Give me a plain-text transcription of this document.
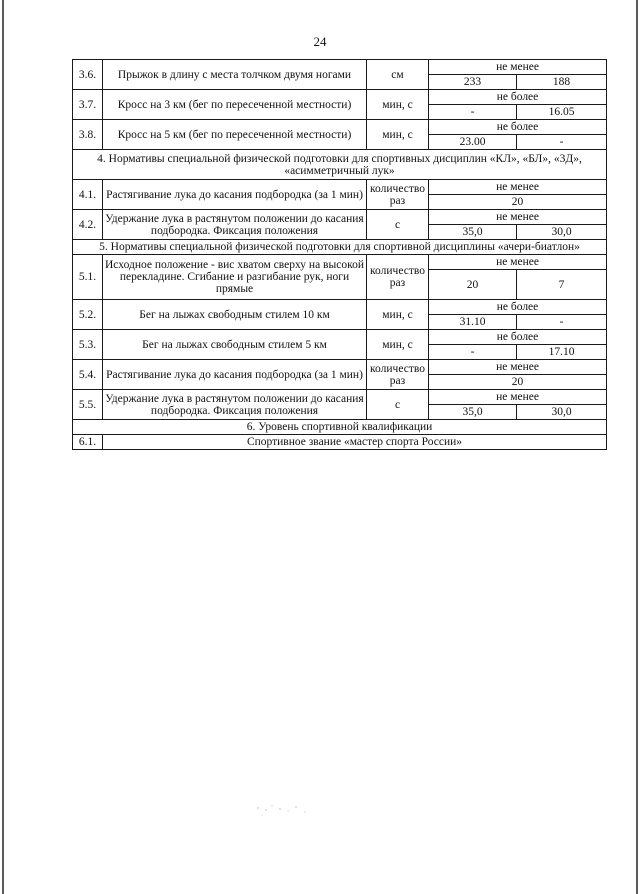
24
3.6.	Прыжок в длину с места толчком двумя ногами	см	не менее	
			233	188
3.7.	Кросс на 3 км (бег по пересеченной местности)	мин, с	не более	
			-	16.05
3.8.	Кросс на 5 км (бег по пересеченной местности)	мин, с	не более	
			23.00	-
4. Нормативы специальной физической подготовки для спортивных дисциплин «КЛ», «БЛ», «3Д», «асимметричный лук»				
4.1.	Растягивание лука до касания подбородка (за 1 мин)	количество раз	не менее	
			20	
4.2.	Удержание лука в растянутом положении до касания подбородка. Фиксация положения	с	не менее	
			35,0	30,0
5. Нормативы специальной физической подготовки для спортивной дисциплины «ачери-биатлон»				
5.1.	Исходное положение - вис хватом сверху на высокой перекладине. Сгибание и разгибание рук, ноги прямые	количество раз	не менее	
			20	7
5.2.	Бег на лыжах свободным стилем 10 км	мин, с	не более	
			31.10	-
5.3.	Бег на лыжах свободным стилем 5 км	мин, с	не более	
			-	17.10
5.4.	Растягивание лука до касания подбородка (за 1 мин)	количество раз	не менее	
			20	
5.5.	Удержание лука в растянутом положении до касания подбородка. Фиксация положения	с	не менее	
			35,0	30,0
6. Уровень спортивной квалификации				
6.1.	Спортивное звание «мастер спорта России»			
